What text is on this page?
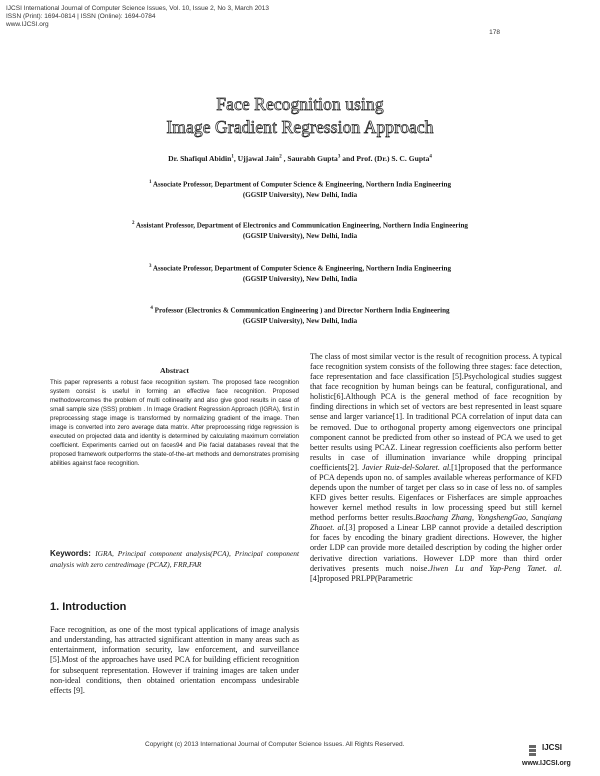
IJCSI International Journal of Computer Science Issues, Vol. 10, Issue 2, No 3, March 2013
ISSN (Print): 1694-0814 | ISSN (Online): 1694-0784
www.IJCSI.org
178
Face Recognition using
Image Gradient Regression Approach
Dr. Shafiqul Abidin$^1$, Ujjawal Jain$^2$ , Saurabh Gupta$^3$ and Prof. (Dr.) S. C. Gupta$^4$
$^1$ Associate Professor, Department of Computer Science & Engineering, Northern India Engineering
(GGSIP University), New Delhi, India
$^2$ Assistant Professor, Department of Electronics and Communication Engineering, Northern India Engineering
(GGSIP University), New Delhi, India
$^3$ Associate Professor, Department of Computer Science & Engineering, Northern India Engineering
(GGSIP University), New Delhi, India
$^4$ Professor (Electronics & Communication Engineering ) and Director Northern India Engineering
(GGSIP University), New Delhi, India
Abstract
This paper represents a robust face recognition system. The proposed face recognition system consist is useful in forming an effective face recognition. Proposed methodovercomes the problem of multi collinearity and also give good results in case of small sample size (SSS) problem . In Image Gradient Regression Approach (IGRA), first in preprocessing stage image is transformed by normalizing gradient of the image. Then image is converted into zero average data matrix. After preprocessing ridge regression is executed on projected data and identity is determined by calculating maximum correlation coefficient. Experiments carried out on faces94 and Pie facial databases reveal that the proposed framework outperforms the state-of-the-art methods and demonstrates promising abilities against face recognition.
Keywords: IGRA, Principal component analysis(PCA), Principal component analysis with zero centredimage (PCAZ), FRR,FAR
1. Introduction
Face recognition, as one of the most typical applications of image analysis and understanding, has attracted significant attention in many areas such as entertainment, information security, law enforcement, and surveillance [5].Most of the approaches have used PCA for building efficient recognition for subsequent representation. However if training images are taken under non-ideal conditions, then obtained orientation encompass undesirable effects [9].
The class of most similar vector is the result of recognition process. A typical face recognition system consists of the following three stages: face detection, face representation and face classification [5].Psychological studies suggest that face recognition by human beings can be featural, configurational, and holistic[6].Although PCA is the general method of face recognition by finding directions in which set of vectors are best represented in least square sense and larger variance[1]. In traditional PCA correlation of input data can be removed. Due to orthogonal property among eigenvectors one principal component cannot be predicted from other so instead of PCA we used to get better results using PCAZ. Linear regression coefficients also perform better results in case of illumination invariance while dropping principal coefficients[2]. Javier Ruiz-del-Solaret. al.[1]proposed that the performance of PCA depends upon no. of samples available whereas performance of KFD depends upon the number of target per class so in case of less no. of samples KFD gives better results. Eigenfaces or Fisherfaces are simple approaches however kernel method results in low processing speed but still kernel method performs better results.Baochang Zhang, YongshengGao, Sanqiang Zhaoet. al.[3] proposed a Linear LBP cannot provide a detailed description for faces by encoding the binary gradient directions. However, the higher order LDP can provide more detailed description by coding the higher order derivative direction variations. However LDP more than third order derivatives presents much noise.Jiwen Lu and Yap-Peng Tanet. al.[4]proposed PRLPP(Parametric
Copyright (c) 2013 International Journal of Computer Science Issues. All Rights Reserved.	IJCSI
www.IJCSI.org
